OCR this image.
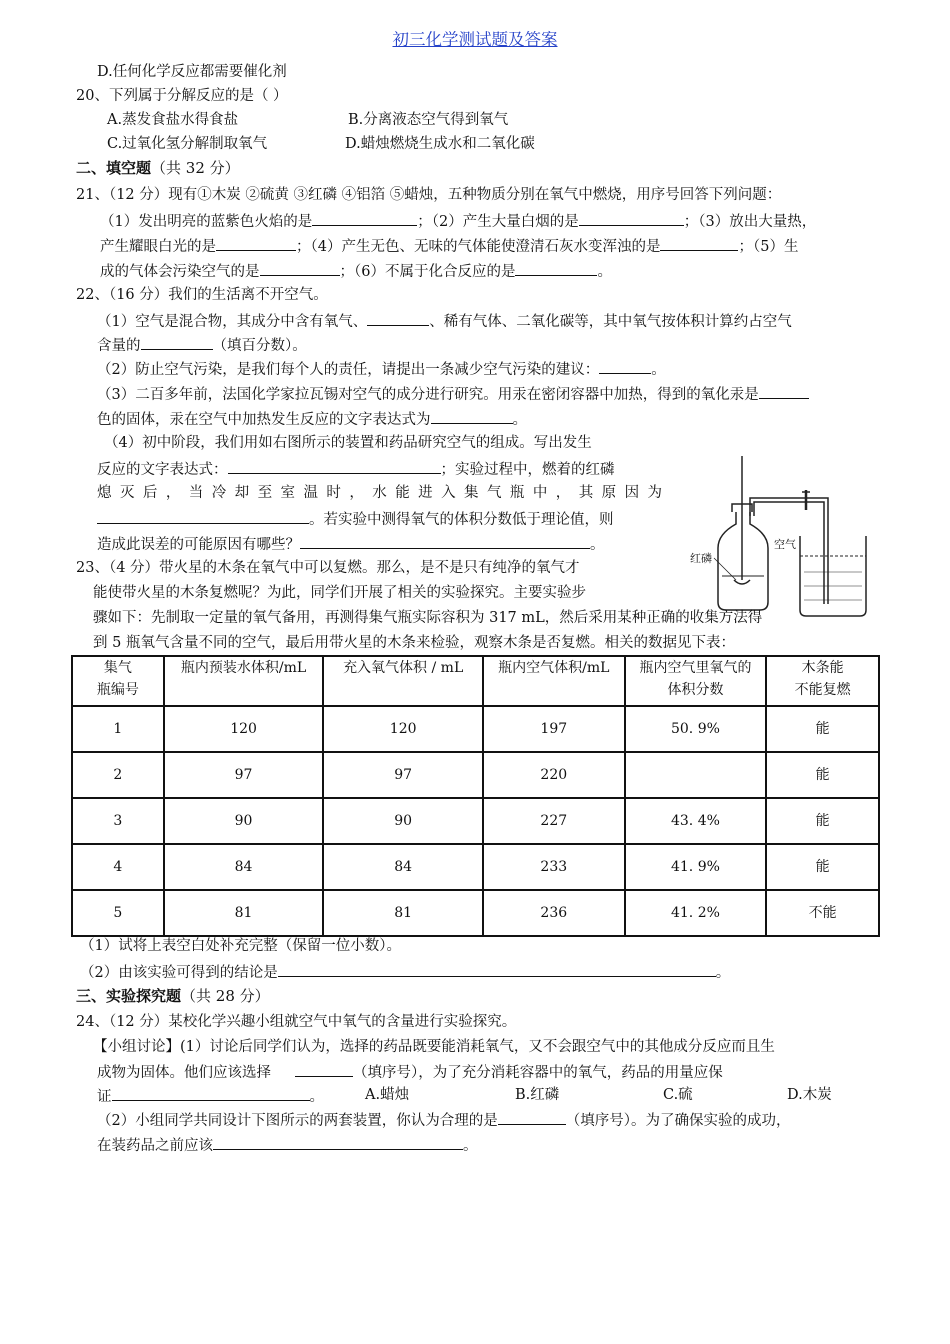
初三化学测试题及答案
D.任何化学反应都需要催化剂
20、下列属于分解反应的是（ ）
A.蒸发食盐水得食盐	B.分离液态空气得到氧气
C.过氧化氢分解制取氧气	D.蜡烛燃烧生成水和二氧化碳
二、填空题（共 32 分）
21、（12 分）现有①木炭 ②硫黄 ③红磷 ④铝箔 ⑤蜡烛，五种物质分别在氧气中燃烧，用序号回答下列问题：
（1）发出明亮的蓝紫色火焰的是	；（2）产生大量白烟的是	；（3）放出大量热，
产生耀眼白光的是	；（4）产生无色、无味的气体能使澄清石灰水变浑浊的是	；（5）生
成的气体会污染空气的是	；（6）不属于化合反应的是	。
22、（16 分）我们的生活离不开空气。
（1）空气是混合物，其成分中含有氧气、	、稀有气体、二氧化碳等，其中氧气按体积计算约占空气
含量的	（填百分数）。
（2）防止空气污染，是我们每个人的责任，请提出一条减少空气污染的建议：	。
（3）二百多年前，法国化学家拉瓦锡对空气的成分进行研究。用汞在密闭容器中加热，得到的氧化汞是
色的固体，汞在空气中加热发生反应的文字表达式为	。
（4）初中阶段，我们用如右图所示的装置和药品研究空气的组成。写出发生
反应的文字表达式：	；实验过程中，燃着的红磷
熄 灭 后 ， 当 冷 却 至 室 温 时 ， 水 能 进 入 集 气 瓶 中 ， 其 原 因 为
。若实验中测得氧气的体积分数低于理论值，则
造成此误差的可能原因有哪些？	。
红磷
空气
23、（4 分）带火星的木条在氧气中可以复燃。那么，是不是只有纯净的氧气才
能使带火星的木条复燃呢？为此，同学们开展了相关的实验探究。主要实验步
骤如下：先制取一定量的氧气备用，再测得集气瓶实际容积为 317 mL，然后采用某种正确的收集方法得
到 5 瓶氧气含量不同的空气，最后用带火星的木条来检验，观察木条是否复燃。相关的数据见下表：
集气
瓶编号	瓶内预装水体积/mL	充入氧气体积 / mL	瓶内空气体积/mL	瓶内空气里氧气的
体积分数	木条能
不能复燃
1	120	120	197	50. 9%	能
2	97	97	220		能
3	90	90	227	43. 4%	能
4	84	84	233	41. 9%	能
5	81	81	236	41. 2%	不能
（1）试将上表空白处补充完整（保留一位小数）。
（2）由该实验可得到的结论是	。
三、实验探究题（共 28 分）
24、（12 分）某校化学兴趣小组就空气中氧气的含量进行实验探究。
【小组讨论】(1）讨论后同学们认为，选择的药品既要能消耗氧气，又不会跟空气中的其他成分反应而且生
成物为固体。他们应该选择	（填序号），为了充分消耗容器中的氧气，药品的用量应保
证	。	A.蜡烛	B.红磷	C.硫	D.木炭
（2）小组同学共同设计下图所示的两套装置，你认为合理的是	（填序号）。为了确保实验的成功，
在装药品之前应该	。
